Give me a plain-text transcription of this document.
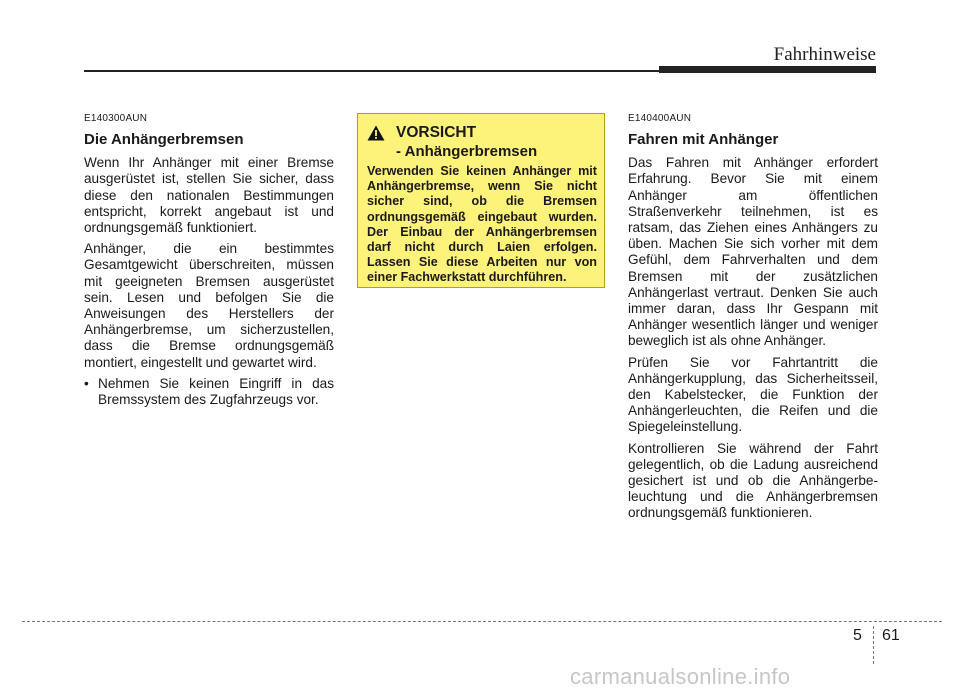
Fahrhinweise

E140300AUN

Die Anhängerbremsen

Wenn Ihr Anhänger mit einer Bremse ausgerüstet ist, stellen Sie sicher, dass diese den nationalen Bestimmungen entspricht, korrekt angebaut ist und ordnungsgemäß funktioniert.

Anhänger, die ein bestimmtes Gesamtgewicht überschreiten, müssen mit geeigneten Bremsen ausgerüstet sein. Lesen und befolgen Sie die Anweisungen des Herstellers der Anhängerbremse, um sicherzustellen, dass die Bremse ordnungsgemäß montiert, eingestellt und gewartet wird.

• Nehmen Sie keinen Eingriff in das Bremssystem des Zugfahrzeugs vor.
VORSICHT
- Anhängerbremsen

Verwenden Sie keinen Anhänger mit Anhängerbremse, wenn Sie nicht sicher sind, ob die Bremsen ordnungsgemäß eingebaut wurden. Der Einbau der Anhängerbremsen darf nicht durch Laien erfolgen. Lassen Sie diese Arbeiten nur von einer Fachwerkstatt durchführen.

E140400AUN

Fahren mit Anhänger

Das Fahren mit Anhänger erfordert Erfahrung. Bevor Sie mit einem Anhänger am öffentlichen Straßenverkehr teilnehmen, ist es ratsam, das Ziehen eines Anhängers zu üben. Machen Sie sich vorher mit dem Gefühl, dem Fahrverhalten und dem Bremsen mit der zusätzlichen Anhängerlast vertraut. Denken Sie auch immer daran, dass Ihr Gespann mit Anhänger wesentlich länger und weniger beweglich ist als ohne Anhänger.

Prüfen Sie vor Fahrtantritt die Anhängerkupplung, das Sicherheitsseil, den Kabelstecker, die Funktion der Anhängerleuchten, die Reifen und die Spiegeleinstellung.

Kontrollieren Sie während der Fahrt gelegentlich, ob die Ladung ausreichend gesichert ist und ob die Anhängerbe-leuchtung und die Anhängerbremsen ordnungsgemäß funktionieren.

5 61
carmanualsonline.info
